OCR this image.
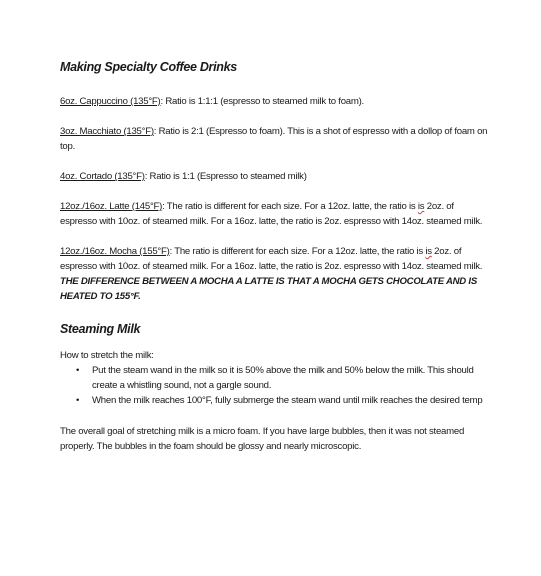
Making Specialty Coffee Drinks

6oz. Cappuccino (135°F): Ratio is 1:1:1 (espresso to steamed milk to foam).

3oz. Macchiato (135°F): Ratio is 2:1 (Espresso to foam). This is a shot of espresso with a dollop of foam on top.

4oz. Cortado (135°F): Ratio is 1:1 (Espresso to steamed milk)

12oz./16oz. Latte (145°F): The ratio is different for each size. For a 12oz. latte, the ratio is is 2oz. of espresso with 10oz. of steamed milk. For a 16oz. latte, the ratio is 2oz. espresso with 14oz. steamed milk.

12oz./16oz. Mocha (155°F): The ratio is different for each size. For a 12oz. latte, the ratio is is 2oz. of espresso with 10oz. of steamed milk. For a 16oz. latte, the ratio is 2oz. espresso with 14oz. steamed milk. THE DIFFERENCE BETWEEN A MOCHA A LATTE IS THAT A MOCHA GETS CHOCOLATE AND IS HEATED TO 155°F.

Steaming Milk

How to stretch the milk:

• Put the steam wand in the milk so it is 50% above the milk and 50% below the milk. This should create a whistling sound, not a gargle sound.
• When the milk reaches 100°F, fully submerge the steam wand until milk reaches the desired temp

The overall goal of stretching milk is a micro foam. If you have large bubbles, then it was not steamed properly. The bubbles in the foam should be glossy and nearly microscopic.
